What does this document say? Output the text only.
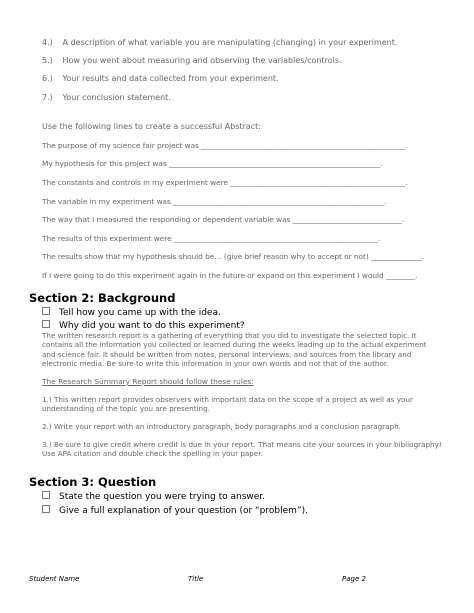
4.) A description of what variable you are manipulating (changing) in your experiment.
5.) How you went about measuring and observing the variables/controls.
6.) Your results and data collected from your experiment.
7.) Your conclusion statement.
Use the following lines to create a successful Abstract:
The purpose of my science fair project was ________________________________________________________.
My hypothesis for this project was __________________________________________________________.
The constants and controls in my experiment were ________________________________________________.
The variable in my experiment was __________________________________________________________.
The way that I measured the responding or dependent variable was ______________________________.
The results of this experiment were ________________________________________________________.
The results show that my hypothesis should be… (give brief reason why to accept or not) ______________.
If I were going to do this experiment again in the future or expand on this experiment I would ________.
Section 2: Background
Tell how you came up with the idea.
Why did you want to do this experiment?
The written research report is a gathering of everything that you did to investigate the selected topic. It contains all the information you collected or learned during the weeks leading up to the actual experiment and science fair. It should be written from notes, personal interviews, and sources from the library and electronic media. Be sure to write this information in your own words and not that of the author.
The Research Summary Report should follow these rules:
1.) This written report provides observers with important data on the scope of a project as well as your understanding of the topic you are presenting.
2.) Write your report with an introductory paragraph, body paragraphs and a conclusion paragraph.
3.) Be sure to give credit where credit is due in your report. That means cite your sources in your bibliography! Use APA citation and double check the spelling in your paper.
Section 3: Question
State the question you were trying to answer.
Give a full explanation of your question (or “problem”).
Student Name	Title	Page 2
